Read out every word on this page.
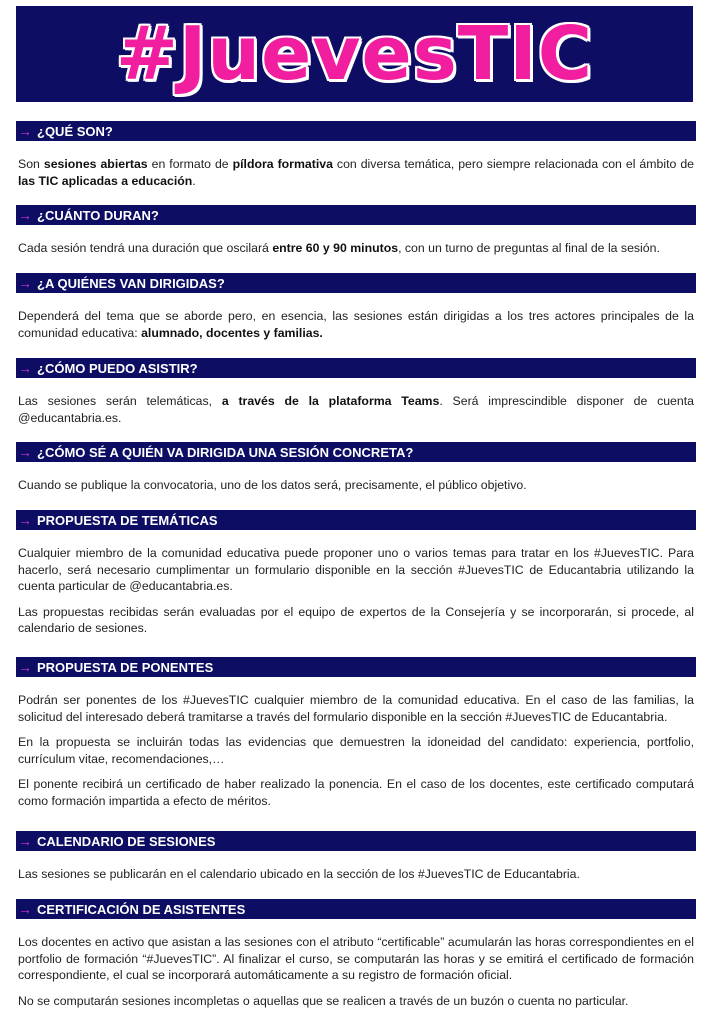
#JuevesTIC
→ ¿QUÉ SON?

Son sesiones abiertas en formato de píldora formativa con diversa temática, pero siempre relacionada con el ámbito de las TIC aplicadas a educación.

→ ¿CUÁNTO DURAN?

Cada sesión tendrá una duración que oscilará entre 60 y 90 minutos, con un turno de preguntas al final de la sesión.

→ ¿A QUIÉNES VAN DIRIGIDAS?

Dependerá del tema que se aborde pero, en esencia, las sesiones están dirigidas a los tres actores principales de la comunidad educativa: alumnado, docentes y familias.

→ ¿CÓMO PUEDO ASISTIR?

Las sesiones serán telemáticas, a través de la plataforma Teams. Será imprescindible disponer de cuenta @educantabria.es.

→ ¿CÓMO SÉ A QUIÉN VA DIRIGIDA UNA SESIÓN CONCRETA?

Cuando se publique la convocatoria, uno de los datos será, precisamente, el público objetivo.

→ PROPUESTA DE TEMÁTICAS

Cualquier miembro de la comunidad educativa puede proponer uno o varios temas para tratar en los #JuevesTIC. Para hacerlo, será necesario cumplimentar un formulario disponible en la sección #JuevesTIC de Educantabria utilizando la cuenta particular de @educantabria.es.

Las propuestas recibidas serán evaluadas por el equipo de expertos de la Consejería y se incorporarán, si procede, al calendario de sesiones.

→ PROPUESTA DE PONENTES

Podrán ser ponentes de los #JuevesTIC cualquier miembro de la comunidad educativa. En el caso de las familias, la solicitud del interesado deberá tramitarse a través del formulario disponible en la sección #JuevesTIC de Educantabria.

En la propuesta se incluirán todas las evidencias que demuestren la idoneidad del candidato: experiencia, portfolio, currículum vitae, recomendaciones,…

El ponente recibirá un certificado de haber realizado la ponencia. En el caso de los docentes, este certificado computará como formación impartida a efecto de méritos.

→ CALENDARIO DE SESIONES

Las sesiones se publicarán en el calendario ubicado en la sección de los #JuevesTIC de Educantabria.

→ CERTIFICACIÓN DE ASISTENTES

Los docentes en activo que asistan a las sesiones con el atributo “certificable” acumularán las horas correspondientes en el portfolio de formación “#JuevesTIC”. Al finalizar el curso, se computarán las horas y se emitirá el certificado de formación correspondiente, el cual se incorporará automáticamente a su registro de formación oficial.

No se computarán sesiones incompletas o aquellas que se realicen a través de un buzón o cuenta no particular.
